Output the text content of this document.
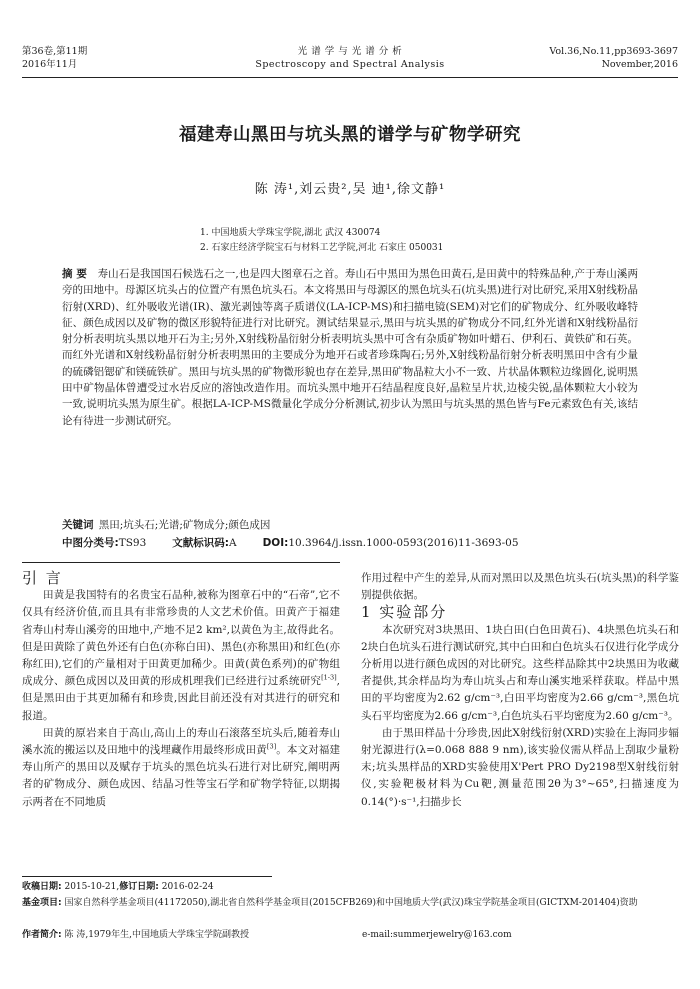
第36卷,第11期
2016年11月
光 谱 学 与 光 谱 分 析
Spectroscopy and Spectral Analysis
Vol.36,No.11,pp3693-3697
November,2016
福建寿山黑田与坑头黑的谱学与矿物学研究
陈 涛¹,刘云贵²,吴 迪¹,徐文静¹
1. 中国地质大学珠宝学院,湖北 武汉 430074
2. 石家庄经济学院宝石与材料工艺学院,河北 石家庄 050031
摘 要  寿山石是我国国石候选石之一,也是四大图章石之首。寿山石中黑田为黑色田黄石,是田黄中的特殊品种,产于寿山溪两旁的田地中。母源区坑头占的位置产有黑色坑头石。本文将黑田与母源区的黑色坑头石(坑头黑)进行对比研究,采用X射线粉晶衍射(XRD)、红外吸收光谱(IR)、激光剥蚀等离子质谱仪(LA-ICP-MS)和扫描电镜(SEM)对它们的矿物成分、红外吸收峰特征、颜色成因以及矿物的微区形貌特征进行对比研究。测试结果显示,黑田与坑头黑的矿物成分不同,红外光谱和X射线粉晶衍射分析表明坑头黑以地开石为主;另外,X射线粉晶衍射分析表明坑头黑中可含有杂质矿物如叶蜡石、伊利石、黄铁矿和石英。而红外光谱和X射线粉晶衍射分析表明黑田的主要成分为地开石或者珍珠陶石;另外,X射线粉晶衍射分析表明黑田中含有少量的硫磷铝锶矿和镁硫铁矿。黑田与坑头黑的矿物微形貌也存在差异,黑田矿物晶粒大小不一致、片状晶体颗粒边缘圆化,说明黑田中矿物晶体曾遭受过水岩反应的溶蚀改造作用。而坑头黑中地开石结晶程度良好,晶粒呈片状,边棱尖锐,晶体颗粒大小较为一致,说明坑头黑为原生矿。根据LA-ICP-MS微量化学成分分析测试,初步认为黑田与坑头黑的黑色皆与Fe元素致色有关,该结论有待进一步测试研究。
关键词  黑田;坑头石;光谱;矿物成分;颜色成因
中图分类号:TS93 文献标识码:A DOI:10.3964/j.issn.1000-0593(2016)11-3693-05

引 言

田黄是我国特有的名贵宝石品种,被称为图章石中的“石帝”,它不仅具有经济价值,而且具有非常珍贵的人文艺术价值。田黄产于福建省寿山村寿山溪旁的田地中,产地不足2 km²,以黄色为主,故得此名。但是田黄除了黄色外还有白色(亦称白田)、黑色(亦称黑田)和红色(亦称红田),它们的产量相对于田黄更加稀少。田黄(黄色系列)的矿物组成成分、颜色成因以及田黄的形成机理我们已经进行过系统研究[1-3],但是黑田由于其更加稀有和珍贵,因此目前还没有对其进行的研究和报道。

田黄的原岩来自于高山,高山上的寿山石滚落至坑头后,随着寿山溪水流的搬运以及田地中的浅埋藏作用最终形成田黄[3]。本文对福建寿山所产的黑田以及赋存于坑头的黑色坑头石进行对比研究,阐明两者的矿物成分、颜色成因、结晶习性等宝石学和矿物学特征,以期揭示两者在不同地质

作用过程中产生的差异,从而对黑田以及黑色坑头石(坑头黑)的科学鉴别提供依据。

1 实验部分

本次研究对3块黑田、1块白田(白色田黄石)、4块黑色坑头石和2块白色坑头石进行测试研究,其中白田和白色坑头石仅进行化学成分分析用以进行颜色成因的对比研究。这些样品除其中2块黑田为收藏者提供,其余样品均为寿山坑头占和寿山溪实地采样获取。样品中黑田的平均密度为2.62 g/cm⁻³,白田平均密度为2.66 g/cm⁻³,黑色坑头石平均密度为2.66 g/cm⁻³,白色坑头石平均密度为2.60 g/cm⁻³。

由于黑田样品十分珍贵,因此X射线衍射(XRD)实验在上海同步辐射光源进行(λ=0.068 888 9 nm),该实验仪需从样品上刮取少量粉末;坑头黑样品的XRD实验使用X'Pert PRO Dy2198型X射线衍射仪,实验靶极材料为Cu靶,测量范围2θ为3°~65°,扫描速度为0.14(°)·s⁻¹,扫描步长

收稿日期: 2015-10-21,修订日期: 2016-02-24
基金项目: 国家自然科学基金项目(41172050),湖北省自然科学基金项目(2015CFB269)和中国地质大学(武汉)珠宝学院基金项目(GICTXM-201404)资助
作者简介: 陈 涛,1979年生,中国地质大学珠宝学院副教授	e-mail:summerjewelry@163.com
